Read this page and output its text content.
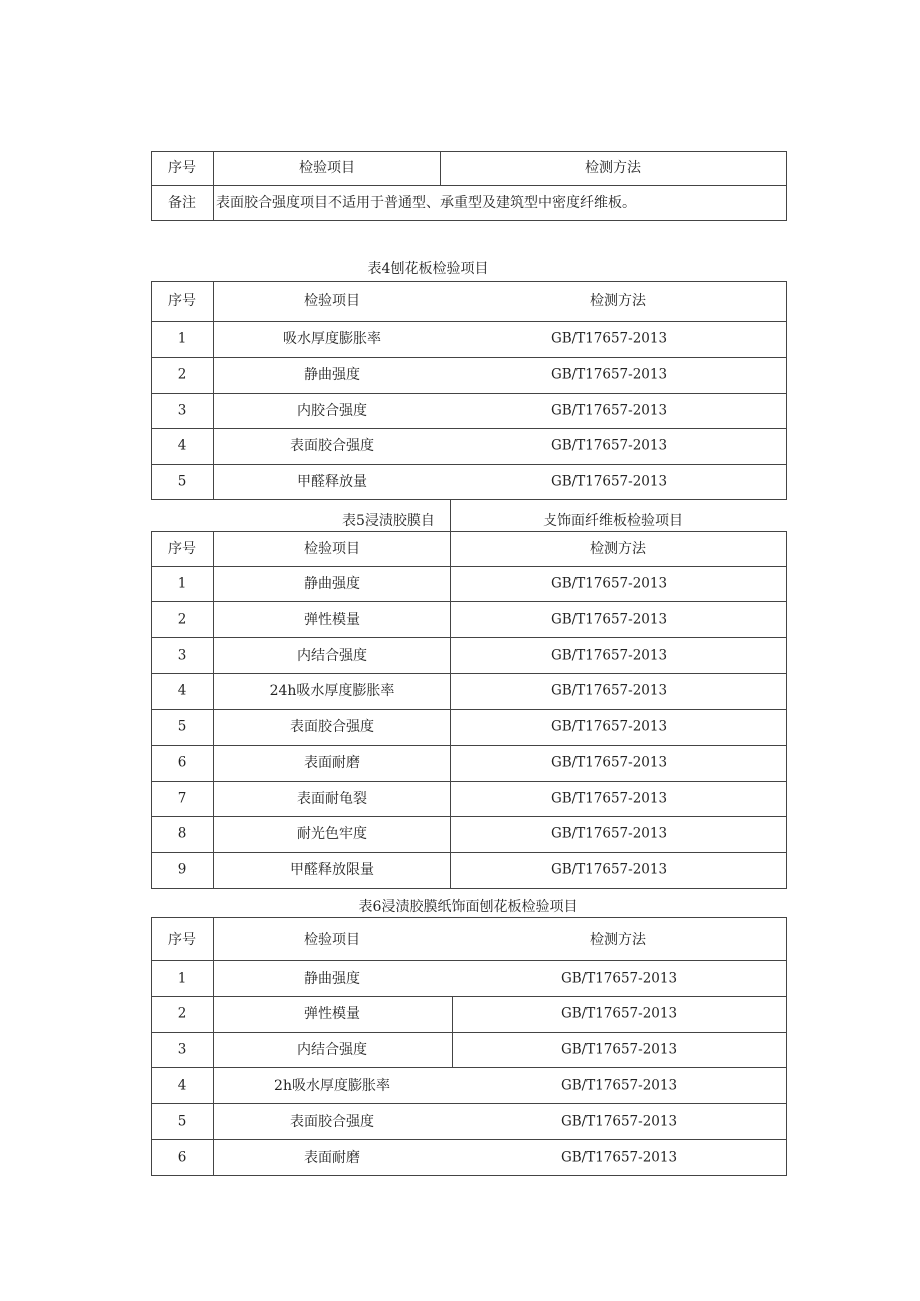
序号	检验项目	检测方法
备注 表面胶合强度项目不适用于普通型、承重型及建筑型中密度纤维板。
表4刨花板检验项目
序号	检验项目	检测方法
1	吸水厚度膨胀率	GB/T17657-2013
2	静曲强度	GB/T17657-2013
3	内胶合强度	GB/T17657-2013
4	表面胶合强度	GB/T17657-2013
5	甲醛释放量	GB/T17657-2013
表5浸渍胶膜自	攴饰面纤维板检验项目
序号	检验项目	检测方法
1	静曲强度	GB/T17657-2013
2	弹性模量	GB/T17657-2013
3	内结合强度	GB/T17657-2013
4	24h吸水厚度膨胀率	GB/T17657-2013
5	表面胶合强度	GB/T17657-2013
6	表面耐磨	GB/T17657-2013
7	表面耐龟裂	GB/T17657-2013
8	耐光色牢度	GB/T17657-2013
9	甲醛释放限量	GB/T17657-2013
表6浸渍胶膜纸饰面刨花板检验项目
序号	检验项目	检测方法
1	静曲强度	GB/T17657-2013
2	弹性模量	GB/T17657-2013
3	内结合强度	GB/T17657-2013
4	2h吸水厚度膨胀率	GB/T17657-2013
5	表面胶合强度	GB/T17657-2013
6	表面耐磨	GB/T17657-2013
